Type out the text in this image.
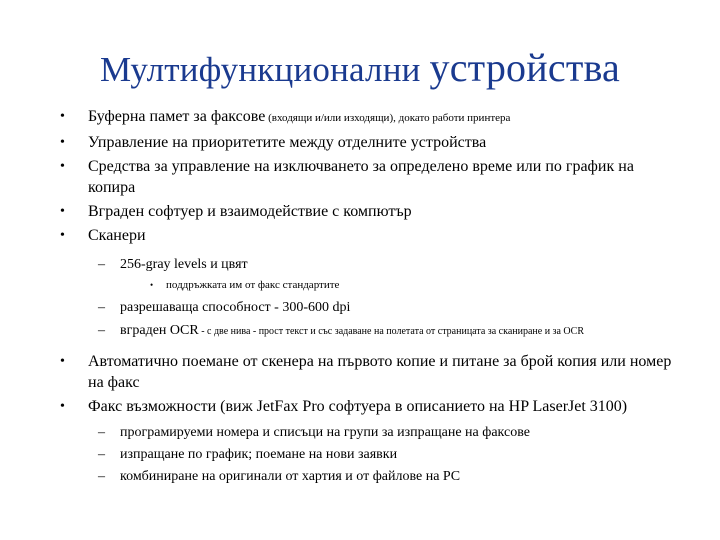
Мултифункционални устройства
• Буферна памет за факсове (входящи и/или изходящи), докато работи принтера
• Управление на приоритетите между отделните устройства
• Средства за управление на изключването за определено време или по график на копира
• Вграден софтуер и взаимодействие с компютър
• Сканери
– 256-gray levels и цвят
• поддръжката им от факс стандартите
– разрешаваща способност - 300-600 dpi
– вграден OCR - с две нива - прост текст и със задаване на полетата от страницата за сканиране и за OCR
• Автоматично поемане от скенера на първото копие и питане за брой копия или номер на факс
• Факс възможности (виж JetFax Pro софтуера в описанието на HP LaserJet 3100)
– програмируеми номера и списъци на групи за изпращане на факсове
– изпращане по график; поемане на нови заявки
– комбиниране на оригинали от хартия и от файлове на PC
